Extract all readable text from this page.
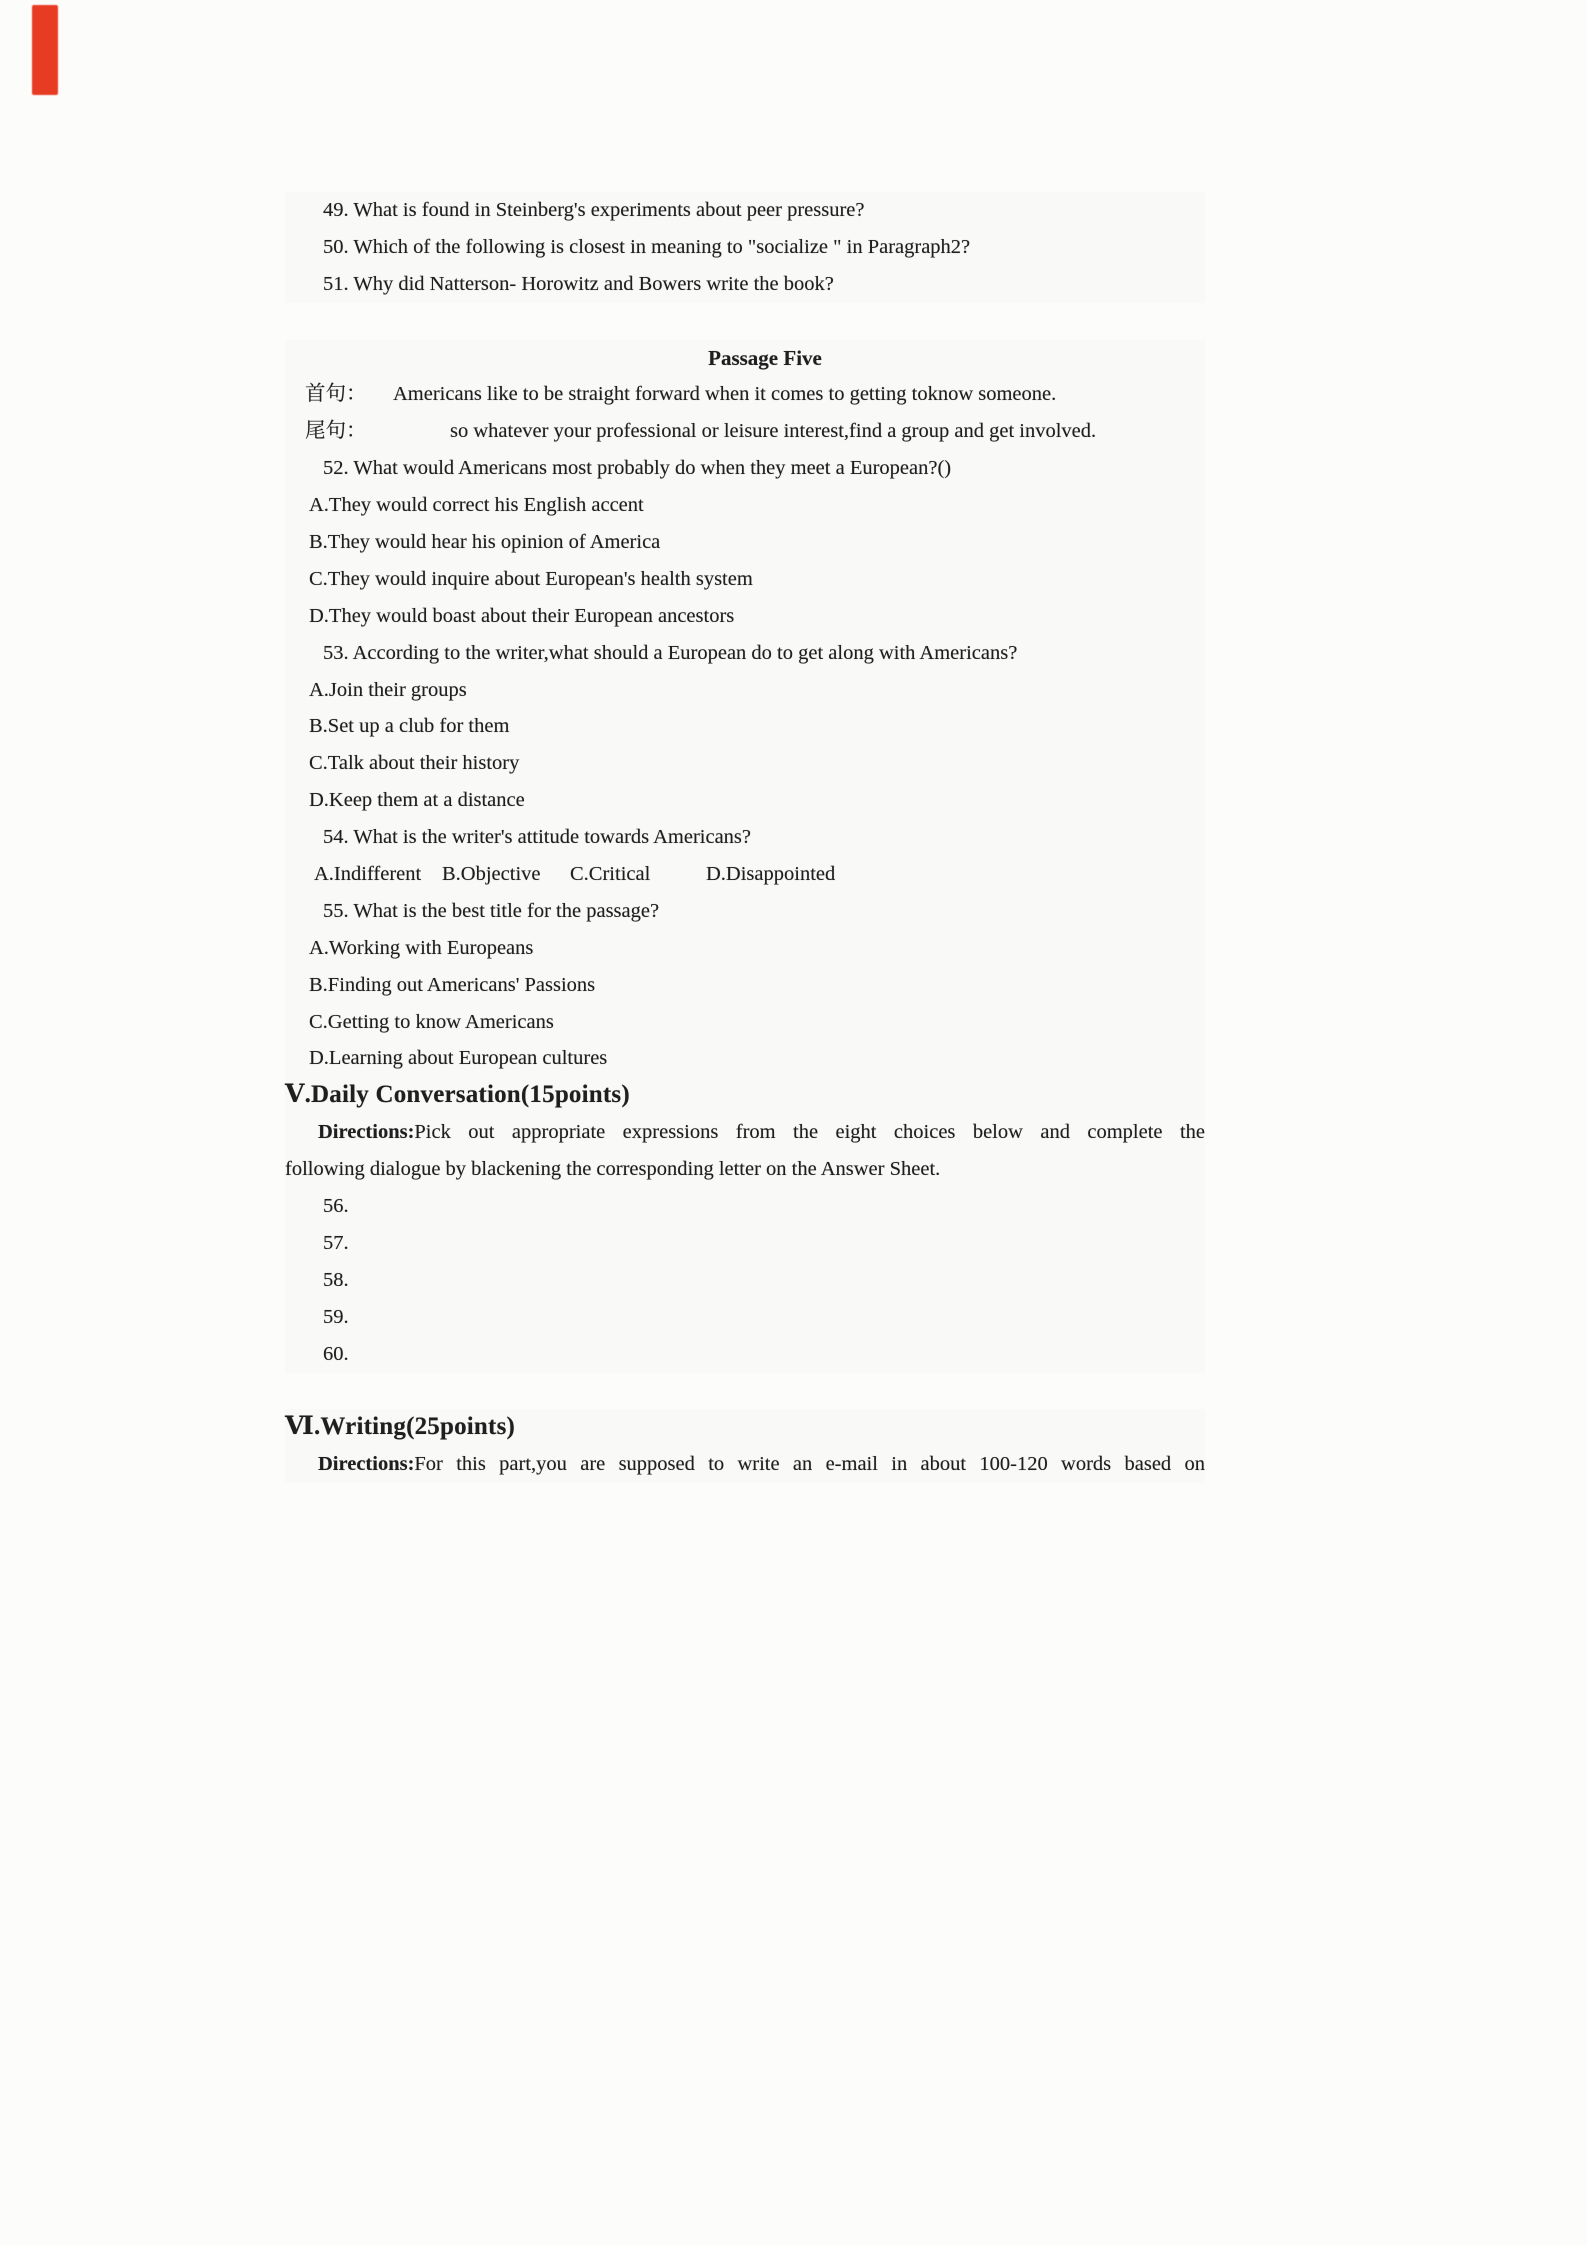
49. What is found in Steinberg's experiments about peer pressure?
50. Which of the following is closest in meaning to "socialize " in Paragraph2?
51. Why did Natterson- Horowitz and Bowers write the book?
Passage Five
首句： Americans like to be straight forward when it comes to getting toknow someone.
尾句：	so whatever your professional or leisure interest,find a group and get involved.
52. What would Americans most probably do when they meet a European?()
A.They would correct his English accent
B.They would hear his opinion of America
C.They would inquire about European's health system
D.They would boast about their European ancestors
53. According to the writer,what should a European do to get along with Americans?
A.Join their groups
B.Set up a club for them
C.Talk about their history
D.Keep them at a distance
54. What is the writer's attitude towards Americans?
A.Indifferent B.Objective C.Critical	D.Disappointed
55. What is the best title for the passage?
A.Working with Europeans
B.Finding out Americans' Passions
C.Getting to know Americans
D.Learning about European cultures
Ⅴ.Daily Conversation(15points)
Directions:Pick out appropriate expressions from the eight choices below and complete the
following dialogue by blackening the corresponding letter on the Answer Sheet.
56.
57.
58.
59.
60.
Ⅵ.Writing(25points)
Directions:For this part,you are supposed to write an e-mail in about 100-120 words based on
